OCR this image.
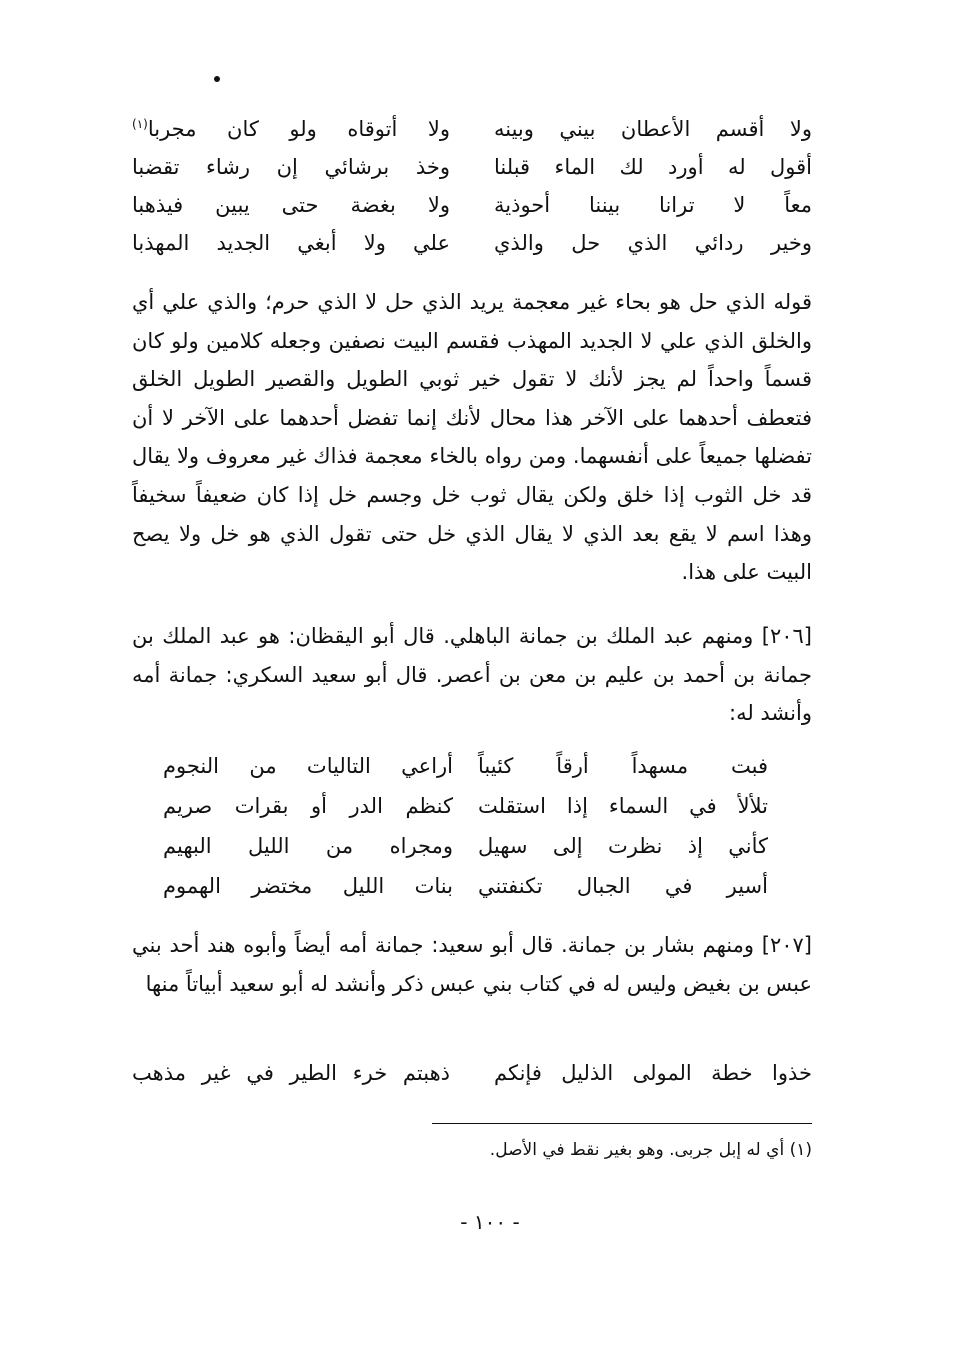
ولا أقسم الأعطان بيني وبينه
ولا أتوقاه ولو كان مجربا$^{(١)}$
أقول له أورد لك الماء قبلنا
وخذ برشائي إن رشاء تقضبا
معاً لا ترانا بيننا أحوذية
ولا بغضة حتى يبين فيذهبا
وخير ردائي الذي حل والذي
علي ولا أبغي الجديد المهذبا

قوله الذي حل هو بحاء غير معجمة يريد الذي حل لا الذي حرم؛ والذي علي أي والخلق الذي علي لا الجديد المهذب فقسم البيت نصفين وجعله كلامين ولو كان قسماً واحداً لم يجز لأنك لا تقول خير ثوبي الطويل والقصير الطويل الخلق فتعطف أحدهما على الآخر هذا محال لأنك إنما تفضل أحدهما على الآخر لا أن تفضلها جميعاً على أنفسهما. ومن رواه بالخاء معجمة فذاك غير معروف ولا يقال قد خل الثوب إذا خلق ولكن يقال ثوب خل وجسم خل إذا كان ضعيفاً سخيفاً وهذا اسم لا يقع بعد الذي لا يقال الذي خل حتى تقول الذي هو خل ولا يصح البيت على هذا.

[٢٠٦] ومنهم عبد الملك بن جمانة الباهلي. قال أبو اليقظان: هو عبد الملك بن جمانة بن أحمد بن عليم بن معن بن أعصر. قال أبو سعيد السكري: جمانة أمه وأنشد له:

فبت مسهداً أرقاً كئيباً
أراعي التاليات من النجوم
تلألأ في السماء إذا استقلت
كنظم الدر أو بقرات صريم
كأني إذ نظرت إلى سهيل
ومجراه من الليل البهيم
أسير في الجبال تكنفتني
بنات الليل مختضر الهموم

[٢٠٧] ومنهم بشار بن جمانة. قال أبو سعيد: جمانة أمه أيضاً وأبوه هند أحد بني عبس بن بغيض وليس له في كتاب بني عبس ذكر وأنشد له أبو سعيد أبياتاً منها

خذوا خطة المولى الذليل فإنكم
ذهبتم خرء الطير في غير مذهب
(١) أي له إبل جربى. وهو بغير نقط في الأصل.
- ١٠٠ -
